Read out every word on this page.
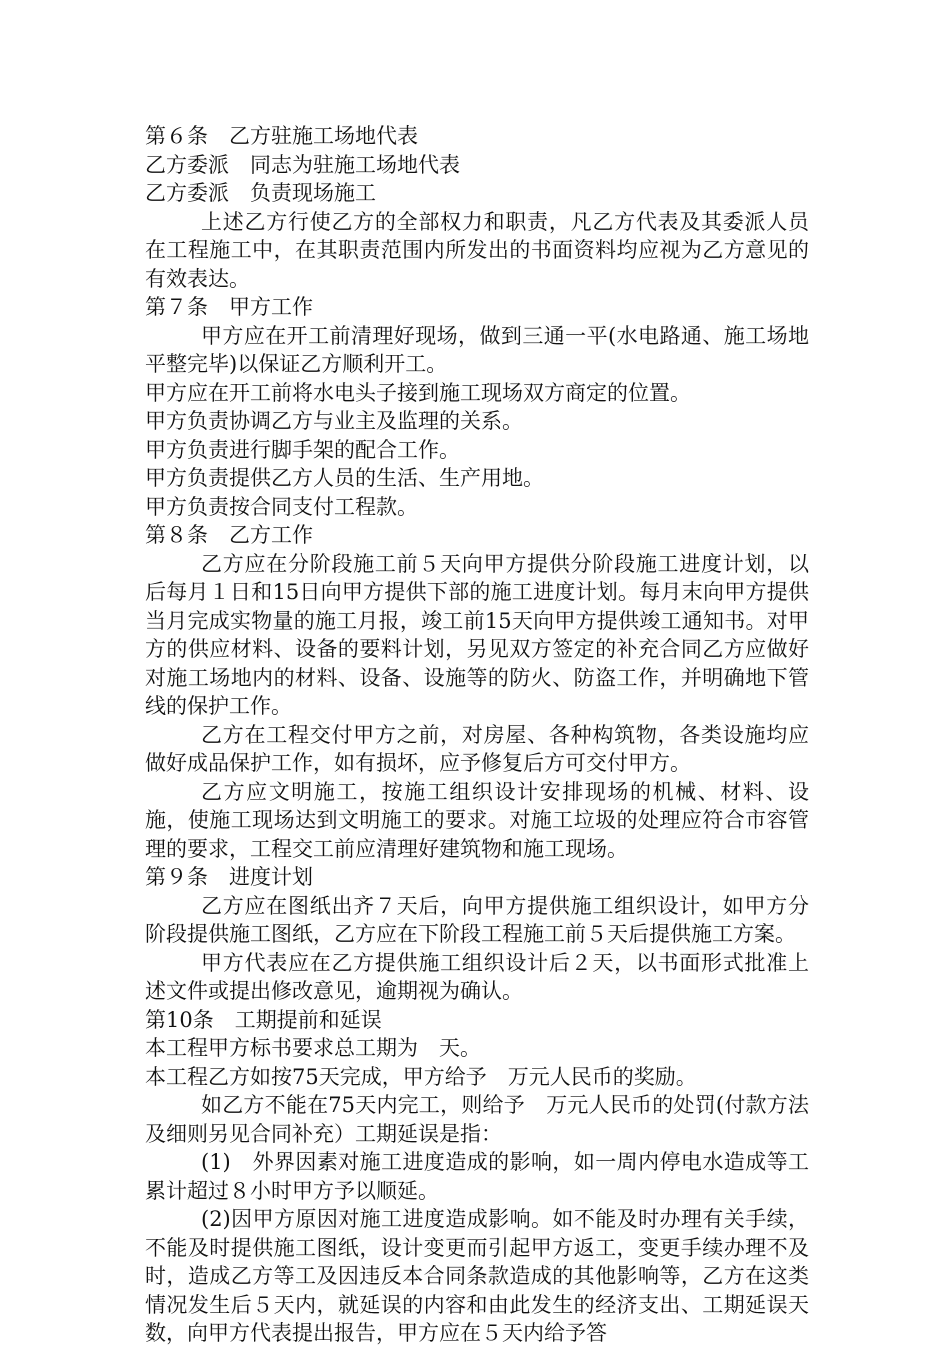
第６条　乙方驻施工场地代表

乙方委派　同志为驻施工场地代表

乙方委派　负责现场施工

上述乙方行使乙方的全部权力和职责，凡乙方代表及其委派人员在工程施工中，在其职责范围内所发出的书面资料均应视为乙方意见的有效表达。

第７条　甲方工作

甲方应在开工前清理好现场，做到三通一平(水电路通、施工场地平整完毕)以保证乙方顺利开工。

甲方应在开工前将水电头子接到施工现场双方商定的位置。

甲方负责协调乙方与业主及监理的关系。

甲方负责进行脚手架的配合工作。

甲方负责提供乙方人员的生活、生产用地。

甲方负责按合同支付工程款。

第８条　乙方工作

乙方应在分阶段施工前５天向甲方提供分阶段施工进度计划，以后每月１日和15日向甲方提供下部的施工进度计划。每月末向甲方提供当月完成实物量的施工月报，竣工前15天向甲方提供竣工通知书。对甲方的供应材料、设备的要料计划，另见双方签定的补充合同乙方应做好对施工场地内的材料、设备、设施等的防火、防盗工作，并明确地下管线的保护工作。

乙方在工程交付甲方之前，对房屋、各种构筑物，各类设施均应做好成品保护工作，如有损坏，应予修复后方可交付甲方。

乙方应文明施工，按施工组织设计安排现场的机械、材料、设施，使施工现场达到文明施工的要求。对施工垃圾的处理应符合市容管理的要求，工程交工前应清理好建筑物和施工现场。

第９条　进度计划

乙方应在图纸出齐７天后，向甲方提供施工组织设计，如甲方分阶段提供施工图纸，乙方应在下阶段工程施工前５天后提供施工方案。

甲方代表应在乙方提供施工组织设计后２天，以书面形式批准上述文件或提出修改意见，逾期视为确认。

第10条　工期提前和延误

本工程甲方标书要求总工期为　天。

本工程乙方如按75天完成，甲方给予　万元人民币的奖励。

如乙方不能在75天内完工，则给予　万元人民币的处罚(付款方法及细则另见合同补充）工期延误是指：

(1)　外界因素对施工进度造成的影响，如一周内停电水造成等工累计超过８小时甲方予以顺延。

(2)因甲方原因对施工进度造成影响。如不能及时办理有关手续，不能及时提供施工图纸，设计变更而引起甲方返工，变更手续办理不及时，造成乙方等工及因违反本合同条款造成的其他影响等，乙方在这类情况发生后５天内，就延误的内容和由此发生的经济支出、工期延误天数，向甲方代表提出报告，甲方应在５天内给予答
